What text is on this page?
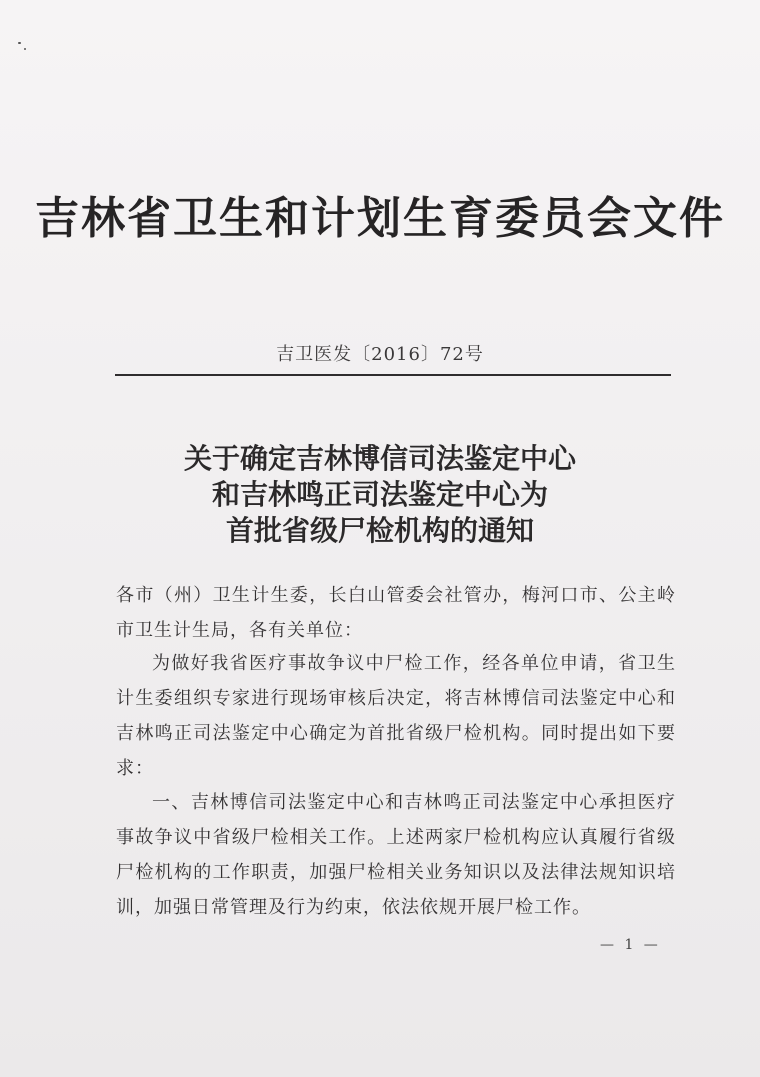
吉林省卫生和计划生育委员会文件
吉卫医发〔2016〕72号
关于确定吉林博信司法鉴定中心
和吉林鸣正司法鉴定中心为
首批省级尸检机构的通知
各市（州）卫生计生委，长白山管委会社管办，梅河口市、公主岭市卫生计生局，各有关单位：
为做好我省医疗事故争议中尸检工作，经各单位申请，省卫生计生委组织专家进行现场审核后决定，将吉林博信司法鉴定中心和吉林鸣正司法鉴定中心确定为首批省级尸检机构。同时提出如下要求：
一、吉林博信司法鉴定中心和吉林鸣正司法鉴定中心承担医疗事故争议中省级尸检相关工作。上述两家尸检机构应认真履行省级尸检机构的工作职责，加强尸检相关业务知识以及法律法规知识培训，加强日常管理及行为约束，依法依规开展尸检工作。
— 1 —
